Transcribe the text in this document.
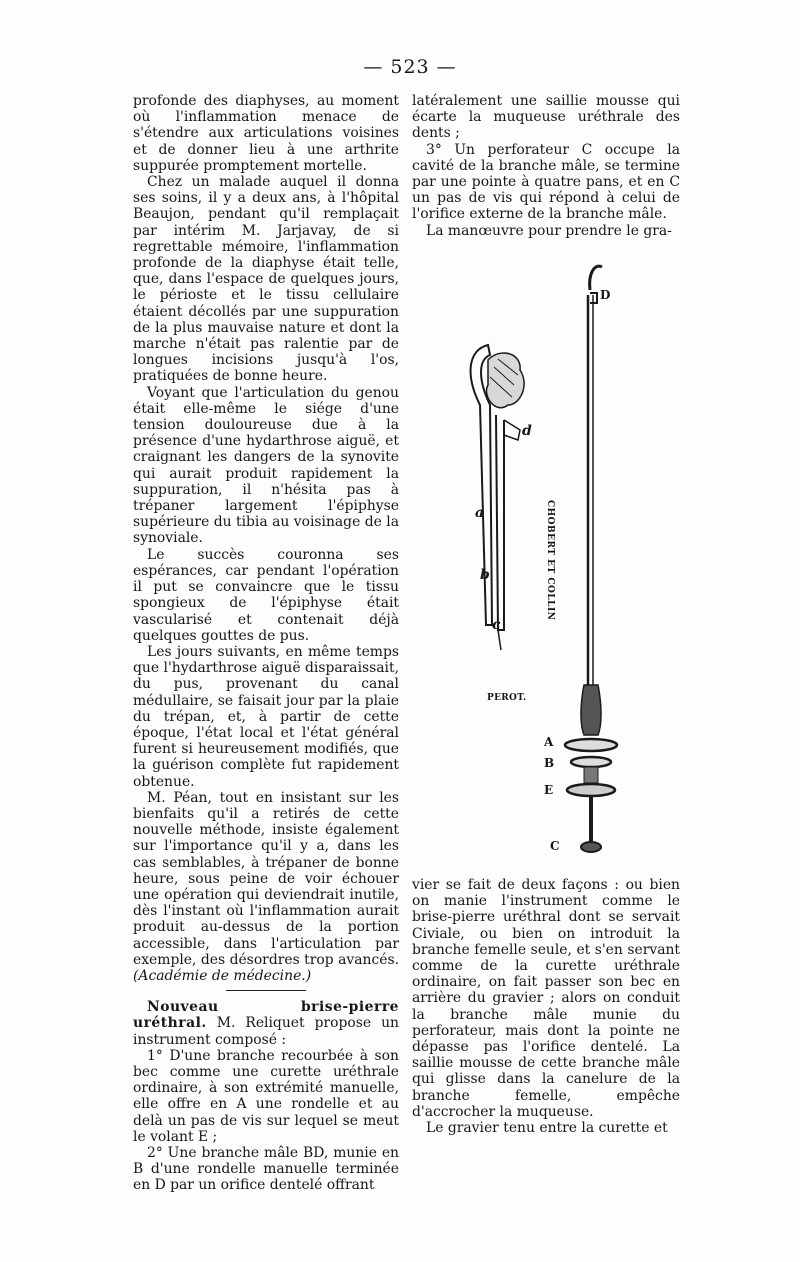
— 523 —

profonde des diaphyses, au moment où l'inflammation menace de s'étendre aux articulations voisines et de donner lieu à une arthrite suppurée promptement mortelle.

Chez un malade auquel il donna ses soins, il y a deux ans, à l'hôpital Beaujon, pendant qu'il remplaçait par intérim M. Jarjavay, de si regrettable mémoire, l'inflammation profonde de la diaphyse était telle, que, dans l'espace de quelques jours, le périoste et le tissu cellulaire étaient décollés par une suppuration de la plus mauvaise nature et dont la marche n'était pas ralentie par de longues incisions jusqu'à l'os, pratiquées de bonne heure.

Voyant que l'articulation du genou était elle-même le siége d'une tension douloureuse due à la présence d'une hydarthrose aiguë, et craignant les dangers de la synovite qui aurait produit rapidement la suppuration, il n'hésita pas à trépaner largement l'épiphyse supérieure du tibia au voisinage de la synoviale.

Le succès couronna ses espérances, car pendant l'opération il put se convaincre que le tissu spongieux de l'épiphyse était vascularisé et contenait déjà quelques gouttes de pus.

Les jours suivants, en même temps que l'hydarthrose aiguë disparaissait, du pus, provenant du canal médullaire, se faisait jour par la plaie du trépan, et, à partir de cette époque, l'état local et l'état général furent si heureusement modifiés, que la guérison complète fut rapidement obtenue.

M. Péan, tout en insistant sur les bienfaits qu'il a retirés de cette nouvelle méthode, insiste également sur l'importance qu'il y a, dans les cas semblables, à trépaner de bonne heure, sous peine de voir échouer une opération qui deviendrait inutile, dès l'instant où l'inflammation aurait produit au-dessus de la portion accessible, dans l'articulation par exemple, des désordres trop avancés. (Académie de médecine.)

Nouveau brise-pierre uréthral. M. Reliquet propose un instrument composé :

1° D'une branche recourbée à son bec comme une curette uréthrale ordinaire, à son extrémité manuelle, elle offre en A une rondelle et au delà un pas de vis sur lequel se meut le volant E ;

2° Une branche mâle BD, munie en B d'une rondelle manuelle terminée en D par un orifice dentelé offrant

latéralement une saillie mousse qui écarte la muqueuse uréthrale des dents ;

3° Un perforateur C occupe la cavité de la branche mâle, se termine par une pointe à quatre pans, et en C un pas de vis qui répond à celui de l'orifice externe de la branche mâle.

La manœuvre pour prendre le gra-

d
a
b
c
D
A
B
E
C
CHOBERT ET COLLIN
PEROT.

vier se fait de deux façons : ou bien on manie l'instrument comme le brise-pierre uréthral dont se servait Civiale, ou bien on introduit la branche femelle seule, et s'en servant comme de la curette uréthrale ordinaire, on fait passer son bec en arrière du gravier ; alors on conduit la branche mâle munie du perforateur, mais dont la pointe ne dépasse pas l'orifice dentelé. La saillie mousse de cette branche mâle qui glisse dans la canelure de la branche femelle, empêche d'accrocher la muqueuse.

Le gravier tenu entre la curette et
